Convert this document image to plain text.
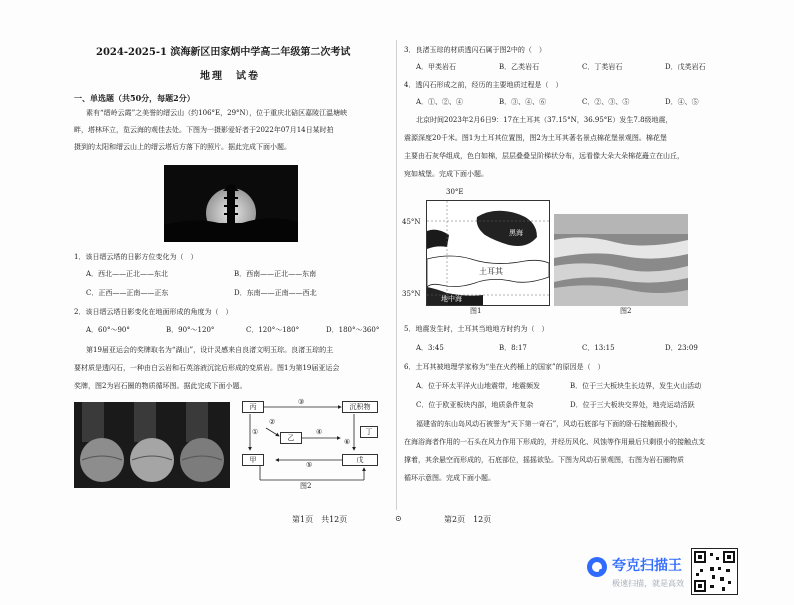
2024-2025-1 滨海新区田家炳中学高二年级第二次考试
地理　试卷
一、单选题（共50分，每题2分）
素有“缙岭云霞”之美誉的缙云山（约106°E，29°N），位于重庆北碚区嘉陵江温塘峡
畔，塔林环立，览云海的观佳去处。下图为一摄影爱好者于2022年07月14日某时拍
摄到的太阳和缙云山上的缙云塔后方落下的照片。据此完成下面小题。
1．该日缙云塔的日影方位变化为（　）
A．西北——正北——东北	B．西南——正北——东南
C．正西——正南——正东	D．东南——正南——西北
2．该日缙云塔日影变化在地面形成的角度为（　）
A．60°～90°	B．90°～120°	C．120°～180°	D．180°～360°
第19届亚运会的奖牌取名为“湖山”，设计灵感来自良渚文明玉琮。良渚玉琮的主
要材质是透闪石，一种由白云岩和石英溶液沉淀后形成的变质岩。图1为第19届亚运会
奖牌，图2为岩石圈的物质循环图。据此完成下面小题。
丙
乙
甲
沉积物
丁
戊
③
①
②
④
⑤
⑥
图2
3．良渚玉琮的材质透闪石属于图2中的（　）
A．甲类岩石	B．乙类岩石	C．丁类岩石	D．戊类岩石
4．透闪石形成之前，经历的主要地质过程是（　）
A．①、②、④	B．③、④、⑥	C．②、③、⑤	D．④、⑤
北京时间2023年2月6日9：17在土耳其（37.15°N，36.95°E）发生7.8级地震，
震源深度20千米。图1为土耳其位置图，图2为土耳其著名景点棉花堡景观图。棉花堡
主要由石灰华组成，色白如棉，层层叠叠呈阶梯状分布，远看像大朵大朵棉花矗立在山丘，
宛如城堡。完成下面小题。
30°E
45°N
35°N
黑海
土耳其
地中海
图1	图2
5．地震发生时，土耳其当地地方时约为（　）
A．3:45	B．8:17	C．13:15	D．23:09
6．土耳其被地理学家称为“坐在火药桶上的国家”的原因是（　）
A．位于环太平洋火山地震带，地震频发	B．位于三大板块生长边界，发生火山活动
C．位于欧亚板块内部，地质条件复杂	D．位于三大板块交界处，地壳运动活跃
福建省的东山岛风动石被誉为“天下第一奇石”，风动石底部与下面的卧石接触面极小，
在海浴海者作用的一石头在风力作用下形成的，并经历风化、风蚀等作用最后只剩很小的接触点支
撑着，其余悬空而形成的，石底部位，摇摇欲坠。下图为风动石景观图，右图为岩石圈物质
循环示意图。完成下面小题。
第1页　共12页	⊙	第2页　12页
夸克扫描王
极速扫描，就是高效
